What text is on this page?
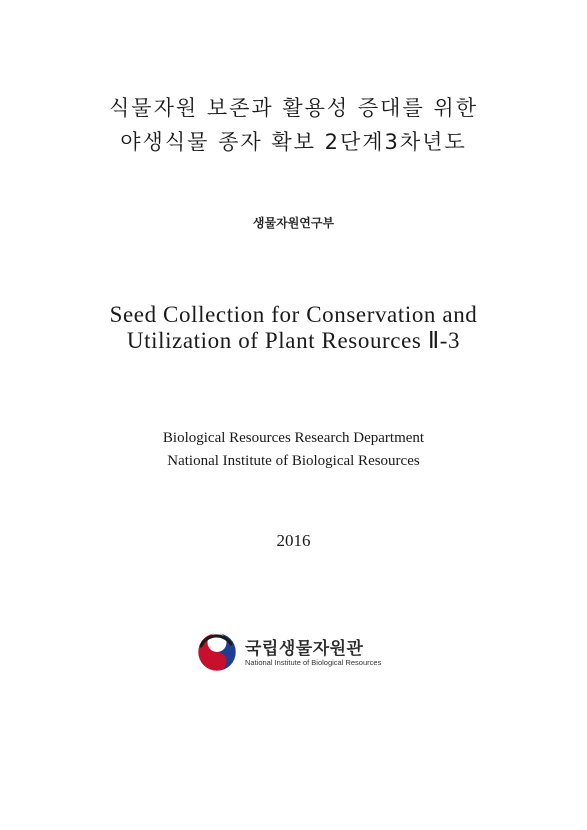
식물자원 보존과 활용성 증대를 위한
야생식물 종자 확보 2단계3차년도
생물자원연구부
Seed Collection for Conservation and
Utilization of Plant Resources Ⅱ-3
Biological Resources Research Department
National Institute of Biological Resources
2016
국립생물자원관
National Institute of Biological Resources
